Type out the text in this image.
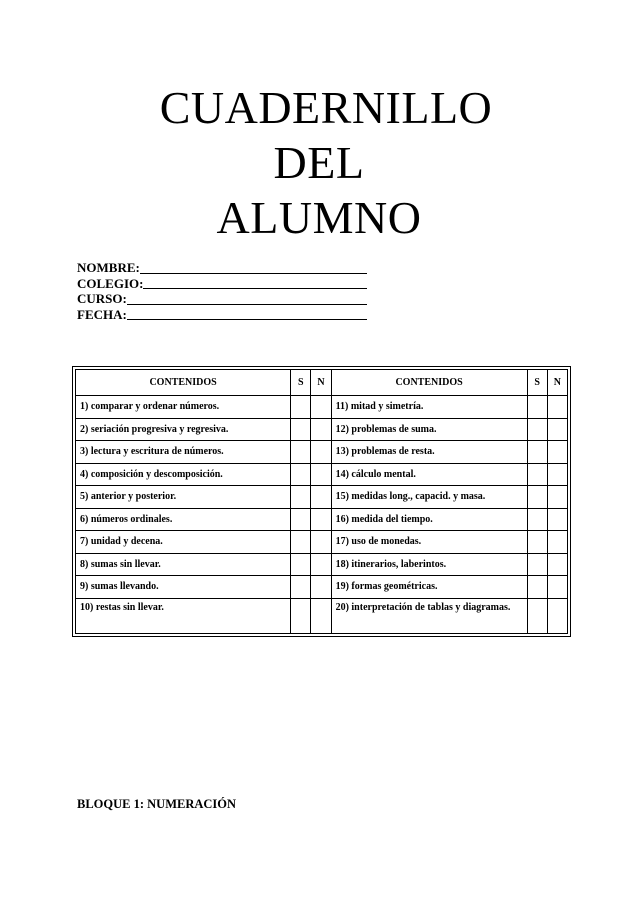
CUADERNILLO
DEL
ALUMNO
NOMBRE:
COLEGIO:
CURSO:
FECHA:
CONTENIDOS	S	N	CONTENIDOS	S	N
1) comparar y ordenar números.			11) mitad y simetría.		
2) seriación progresiva y regresiva.			12) problemas de suma.		
3) lectura y escritura de números.			13) problemas de resta.		
4) composición y descomposición.			14) cálculo mental.		
5) anterior y posterior.			15) medidas long., capacid. y masa.		
6) números ordinales.			16) medida del tiempo.		
7) unidad y decena.			17) uso de monedas.		
8) sumas sin llevar.			18) itinerarios, laberintos.		
9) sumas llevando.			19) formas geométricas.		
10) restas sin llevar.			20) interpretación de tablas y diagramas.		
BLOQUE 1: NUMERACIÓN
